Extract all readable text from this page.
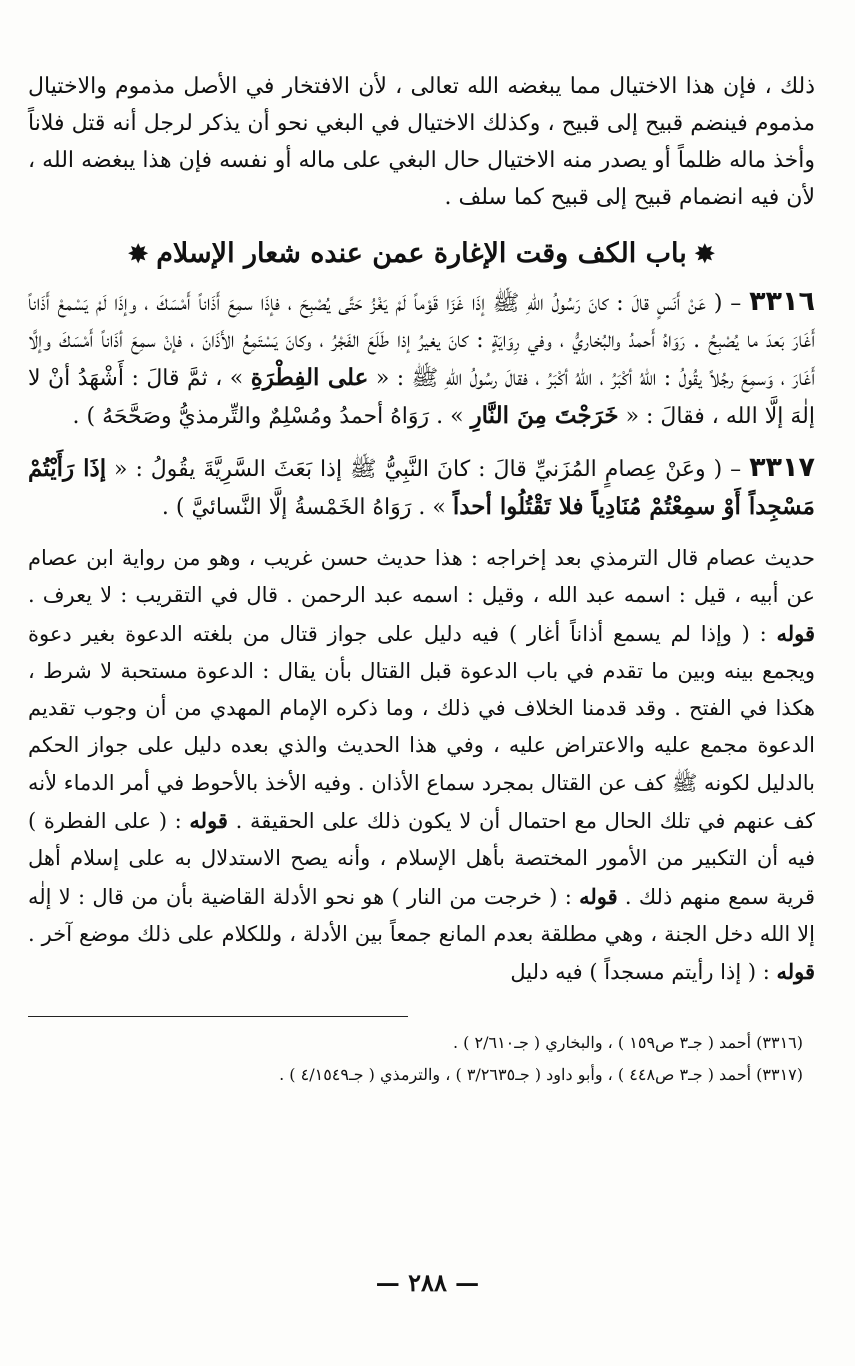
ذلك ، فإن هذا الاختيال مما يبغضه الله تعالى ، لأن الافتخار في الأصل مذموم والاختيال مذموم فينضم قبيح إلى قبيح ، وكذلك الاختيال في البغي نحو أن يذكر لرجل أنه قتل فلاناً وأخذ ماله ظلماً أو يصدر منه الاختيال حال البغي على ماله أو نفسه فإن هذا يبغضه الله ، لأن فيه انضمام قبيح إلى قبيح كما سلف .

✸
باب الكف وقت الإغارة عمن عنده شعار الإسلام
✸

٣٣١٦ – ( عَنْ أَنَسٍ قالَ : كانَ رَسُولُ اللهِ ﷺ إذَا غَزَا قَوْماً لَمْ يَغْزُ حَتَّى يُصْبِحَ ، فإذَا سمِعَ أَذَاناً أَمْسَكَ ، وإذَا لَمْ يَسْمعْ أَذَاناً أَغَارَ بَعدَ ما يُصْبِحُ . رَوَاهُ أَحمدُ والبُخاريُّ ، وفي رِوَايَةٍ : كانَ يغيرُ إذا طَلَعَ الفَجْرُ ، وكانَ يَسْتَمِعُ الأَذَانَ ، فإنْ سمِعَ أذَاناً أَمْسَكَ وإلَّا أَغَارَ ، وَسمِعَ رجُلاً يقُولُ : اللهُ أكْبَرُ ، اللهُ أكْبَرُ ، فقالَ رسُولُ اللهِ ﷺ : « على الفِطْرَةِ » ، ثمَّ قالَ : أَشْهَدُ أنْ لا إلٰهَ إلَّا الله ، فقالَ : « خَرَجْتَ مِنَ النَّارِ » . رَوَاهُ أحمدُ ومُسْلِمٌ والتِّرمذيُّ وصَحَّحَهُ ) .

٣٣١٧ – ( وعَنْ عِصامٍ المُزَنيِّ قالَ : كانَ النَّبِيُّ ﷺ إذا بَعَثَ السَّرِيَّةَ يقُولُ : « إذَا رَأَيْتُمْ مَسْجِداً أَوْ سمِعْتُمْ مُنَادِياً فلا تَقْتُلُوا أحداً » . رَوَاهُ الخَمْسةُ إلَّا النَّسائيَّ ) .

حديث عصام قال الترمذي بعد إخراجه : هذا حديث حسن غريب ، وهو من رواية ابن عصام عن أبيه ، قيل : اسمه عبد الله ، وقيل : اسمه عبد الرحمن . قال في التقريب : لا يعرف . قوله : ( وإذا لم يسمع أذاناً أغار ) فيه دليل على جواز قتال من بلغته الدعوة بغير دعوة ويجمع بينه وبين ما تقدم في باب الدعوة قبل القتال بأن يقال : الدعوة مستحبة لا شرط ، هكذا في الفتح . وقد قدمنا الخلاف في ذلك ، وما ذكره الإمام المهدي من أن وجوب تقديم الدعوة مجمع عليه والاعتراض عليه ، وفي هذا الحديث والذي بعده دليل على جواز الحكم بالدليل لكونه ﷺ كف عن القتال بمجرد سماع الأذان . وفيه الأخذ بالأحوط في أمر الدماء لأنه كف عنهم في تلك الحال مع احتمال أن لا يكون ذلك على الحقيقة . قوله : ( على الفطرة ) فيه أن التكبير من الأمور المختصة بأهل الإسلام ، وأنه يصح الاستدلال به على إسلام أهل قرية سمع منهم ذلك . قوله : ( خرجت من النار ) هو نحو الأدلة القاضية بأن من قال : لا إلٰه إلا الله دخل الجنة ، وهي مطلقة بعدم المانع جمعاً بين الأدلة ، وللكلام على ذلك موضع آخر . قوله : ( إذا رأيتم مسجداً ) فيه دليل

(٣٣١٦) أحمد ( جـ٣ ص١٥٩ ) ، والبخاري ( جـ٢/٦١٠ ) .
(٣٣١٧) أحمد ( جـ٣ ص٤٤٨ ) ، وأبو داود ( جـ٣/٢٦٣٥ ) ، والترمذي ( جـ٤/١٥٤٩ ) .
— ٢٨٨ —
